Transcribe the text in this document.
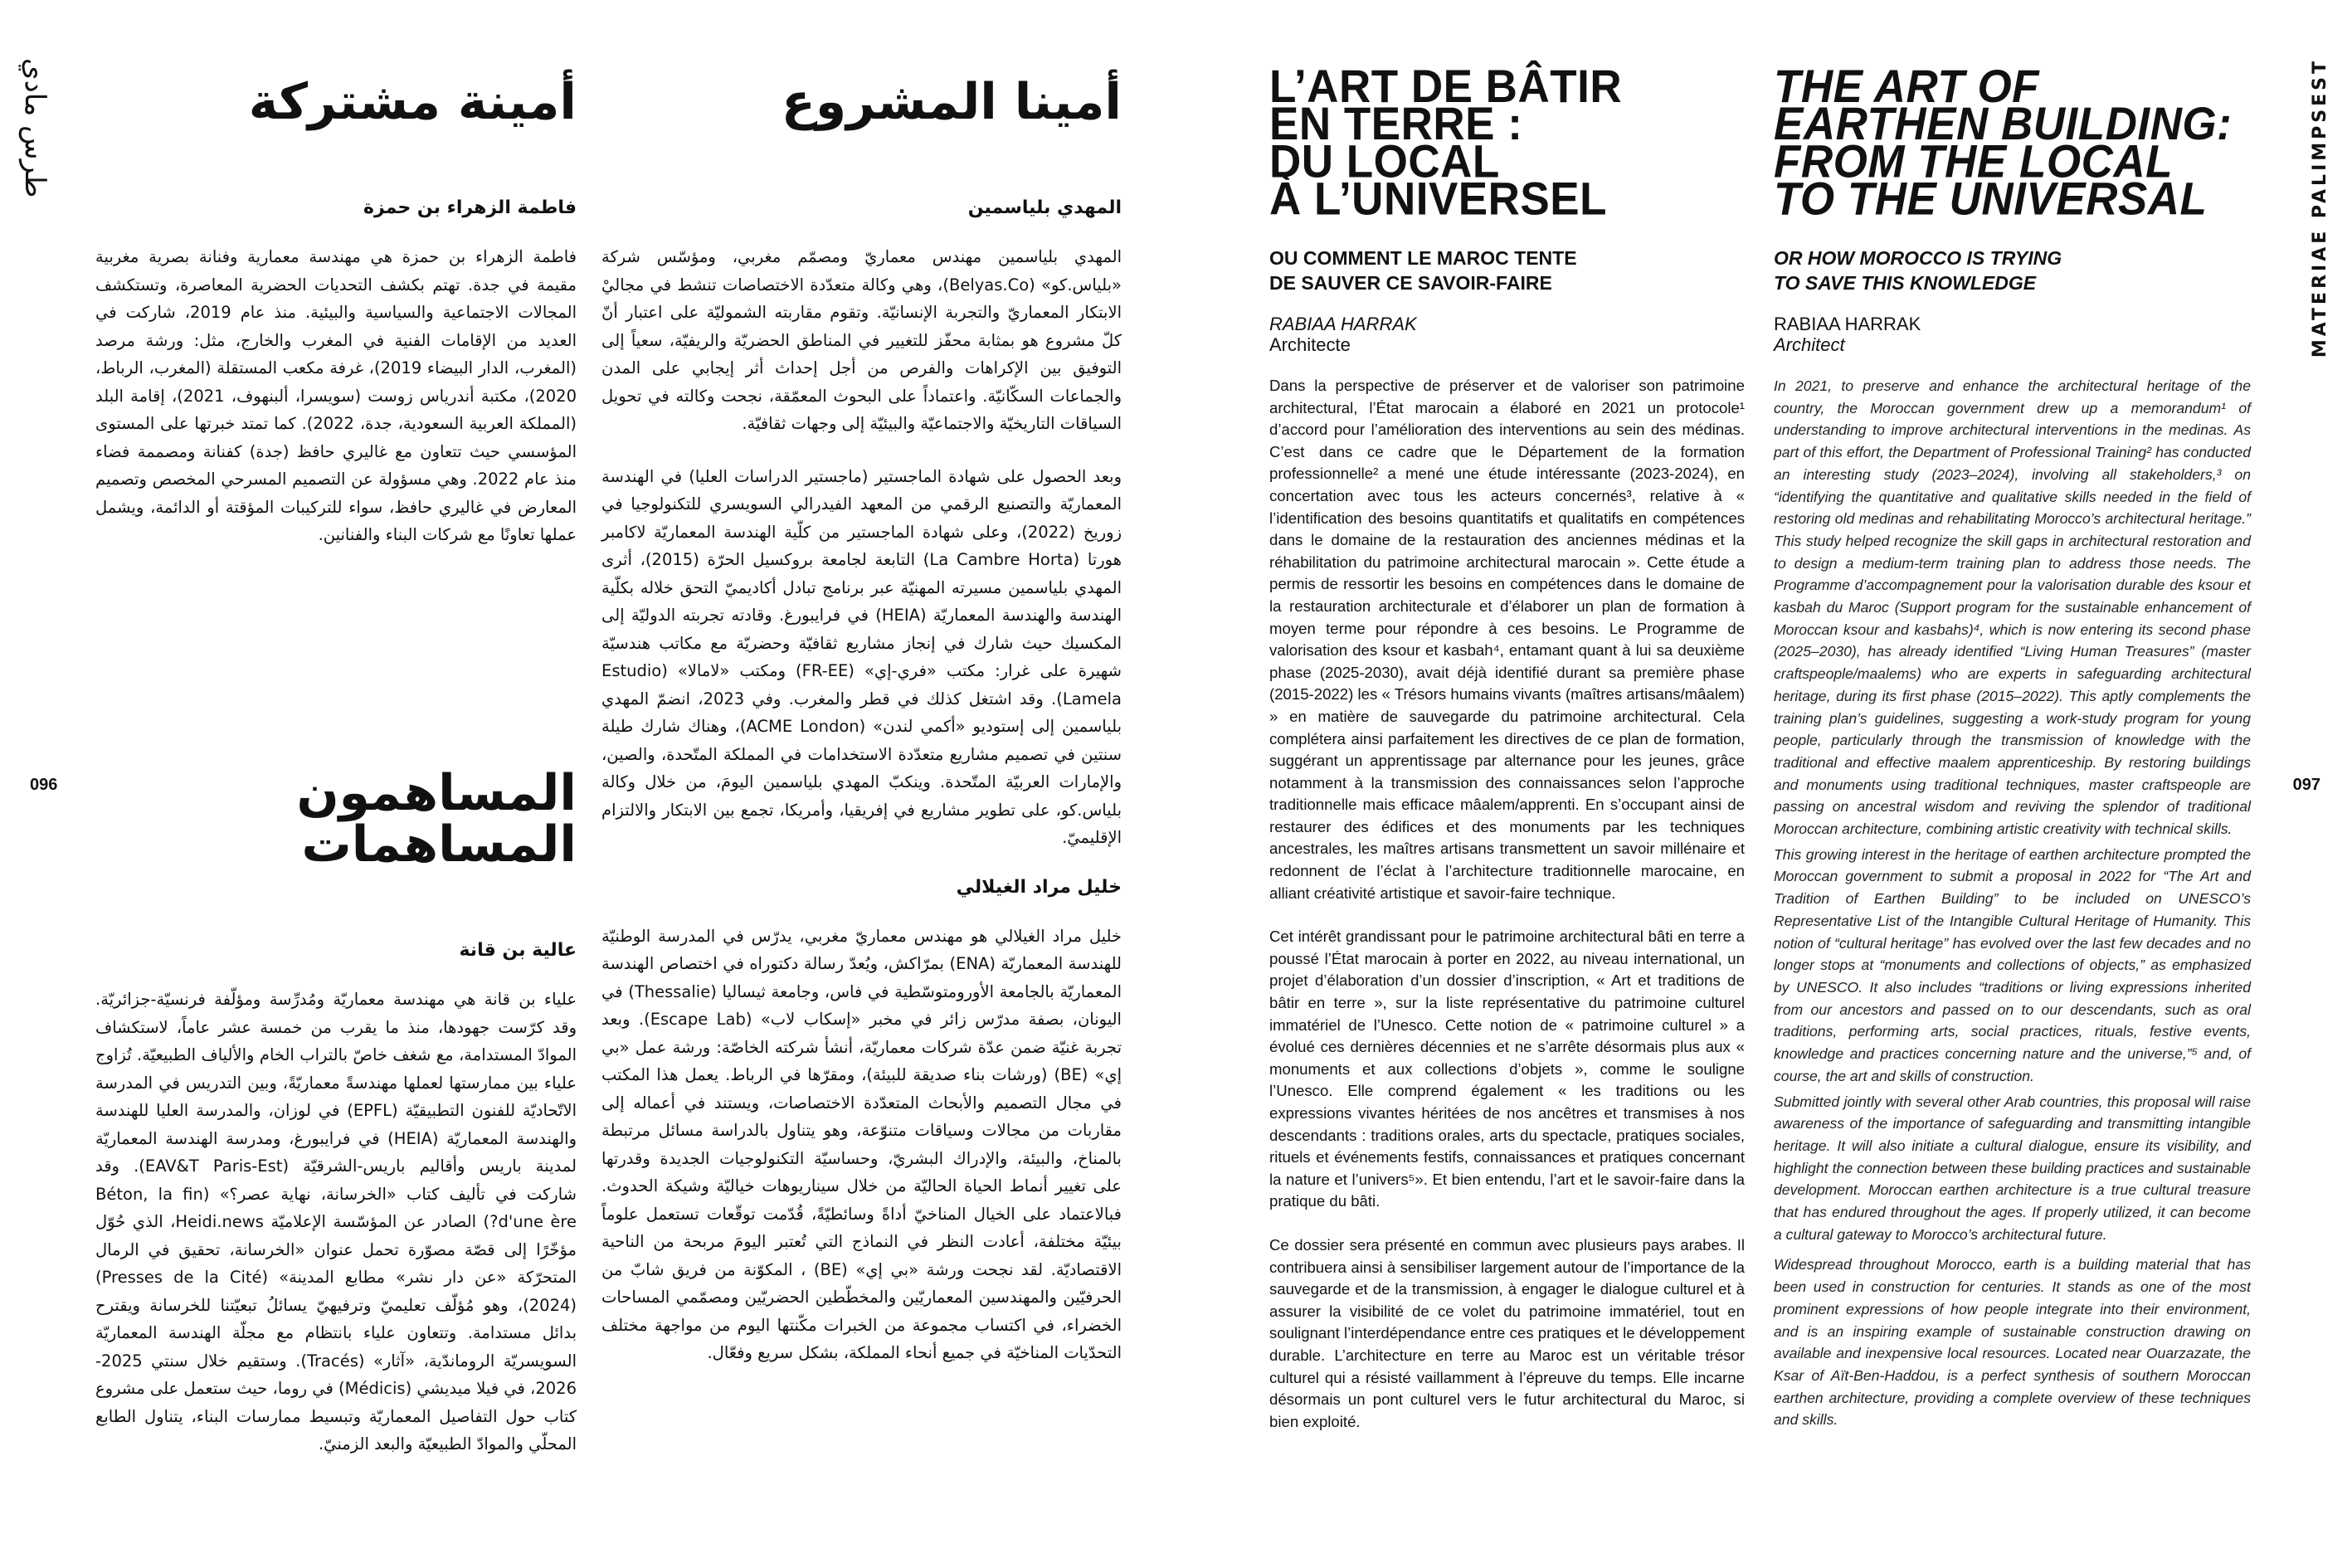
طرس مادي
096
أمينا المشروع
المهدي بلياسمين

المهدي بلياسمين مهندس معماريّ ومصمّم مغربي، ومؤسّس شركة «بلياس.كو» (Belyas.Co)، وهي وكالة متعدّدة الاختصاصات تنشط في مجاليْ الابتكار المعماريّ والتجربة الإنسانيّة. وتقوم مقاربته الشموليّة على اعتبار أنّ كلّ مشروع هو بمثابة محفّز للتغيير في المناطق الحضريّة والريفيّة، سعياً إلى التوفيق بين الإكراهات والفرص من أجل إحداث أثر إيجابي على المدن والجماعات السكّانيّة. واعتماداً على البحوث المعمّقة، نجحت وكالته في تحويل السياقات التاريخيّة والاجتماعيّة والبيئيّة إلى وجهات ثقافيّة.

وبعد الحصول على شهادة الماجستير (ماجستير الدراسات العليا) في الهندسة المعماريّة والتصنيع الرقمي من المعهد الفيدرالي السويسري للتكنولوجيا في زوريخ (2022)، وعلى شهادة الماجستير من كلّية الهندسة المعماريّة لاكامبر هورتا (La Cambre Horta) التابعة لجامعة بروكسيل الحرّة (2015)، أثرى المهدي بلياسمين مسيرته المهنيّة عبر برنامج تبادل أكاديميّ التحق خلاله بكلّية الهندسة والهندسة المعماريّة (HEIA) في فرايبورغ. وقادته تجربته الدوليّة إلى المكسيك حيث شارك في إنجاز مشاريع ثقافيّة وحضريّة مع مكاتب هندسيّة شهيرة على غرار: مكتب «فري-إي» (FR-EE) ومكتب «لامالا» (Estudio Lamela). وقد اشتغل كذلك في قطر والمغرب. وفي 2023، انضمّ المهدي بلياسمين إلى إستوديو «أكمي لندن» (ACME London)، وهناك شارك طيلة سنتين في تصميم مشاريع متعدّدة الاستخدامات في المملكة المتّحدة، والصين، والإمارات العربيّة المتّحدة. وينكبّ المهدي بلياسمين اليومَ، من خلال وكالة بلياس.كو، على تطوير مشاريع في إفريقيا، وأمريكا، تجمع بين الابتكار والالتزام الإقليميّ.

خليل مراد الغيلالي

خليل مراد الغيلالي هو مهندس معماريّ مغربي، يدرّس في المدرسة الوطنيّة للهندسة المعماريّة (ENA) بمرّاكش، ويُعدّ رسالة دكتوراه في اختصاص الهندسة المعماريّة بالجامعة الأورومتوسّطية في فاس، وجامعة ثيساليا (Thessalie) في اليونان، بصفة مدرّس زائر في مخبر «إسكاب لاب» (Escape Lab). وبعد تجربة غنيّة ضمن عدّة شركات معماريّة، أنشأ شركته الخاصّة: ورشة عمل «بي إي» (BE) (ورشات بناء صديقة للبيئة)، ومقرّها في الرباط. يعمل هذا المكتب في مجال التصميم والأبحاث المتعدّدة الاختصاصات، ويستند في أعماله إلى مقاربات من مجالات وسياقات متنوّعة، وهو يتناول بالدراسة مسائل مرتبطة بالمناخ، والبيئة، والإدراك البشريّ، وحساسيّة التكنولوجيات الجديدة وقدرتها على تغيير أنماط الحياة الحاليّة من خلال سيناريوهات خياليّة وشيكة الحدوث. فبالاعتماد على الخيال المناخيّ أداةً وسائطيّةً، قُدّمت توقّعات تستعمل علوماً بيئيّة مختلفة، أعادت النظر في النماذج التي تُعتبر اليومَ مربحة من الناحية الاقتصاديّة. لقد نجحت ورشة «بي إي» (BE) ، المكوّنة من فريق شابّ من الحرفيّين والمهندسين المعماريّين والمخطّطين الحضريّين ومصمّمي المساحات الخضراء، في اكتساب مجموعة من الخبرات مكّنتها اليوم من مواجهة مختلف التحدّيات المناخيّة في جميع أنحاء المملكة، بشكل سريع وفعّال.

أمينة مشتركة
فاطمة الزهراء بن حمزة

فاطمة الزهراء بن حمزة هي مهندسة معمارية وفنانة بصرية مغربية مقيمة في جدة. تهتم بكشف التحديات الحضرية المعاصرة، وتستكشف المجالات الاجتماعية والسياسية والبيئية. منذ عام 2019، شاركت في العديد من الإقامات الفنية في المغرب والخارج، مثل: ورشة مرصد (المغرب، الدار البيضاء 2019)، غرفة مكعب المستقلة (المغرب، الرباط، 2020)، مكتبة أندرياس زوست (سويسرا، ألبنهوف، 2021)، إقامة البلد (المملكة العربية السعودية، جدة، 2022). كما تمتد خبرتها على المستوى المؤسسي حيث تتعاون مع غاليري حافظ (جدة) كفنانة ومصممة فضاء منذ عام 2022. وهي مسؤولة عن التصميم المسرحي المخصص وتصميم المعارض في غاليري حافظ، سواء للتركيبات المؤقتة أو الدائمة، ويشمل عملها تعاونًا مع شركات البناء والفنانين.

المساهمون
المساهمات
عالية بن قانة

علياء بن قانة هي مهندسة معماريّة ومُدرِّسة ومؤلّفة فرنسيّة-جزائريّة. وقد كرّست جهودها، منذ ما يقرب من خمسة عشر عاماً، لاستكشاف الموادّ المستدامة، مع شغف خاصّ بالتراب الخام والألياف الطبيعيّة. تُزاوج علياء بين ممارستها لعملها مهندسةً معماريّةً، وبين التدريس في المدرسة الاتّحاديّة للفنون التطبيقيّة (EPFL) في لوزان، والمدرسة العليا للهندسة والهندسة المعماريّة (HEIA) في فرايبورغ، ومدرسة الهندسة المعماريّة لمدينة باريس وأقاليم باريس-الشرقيّة (EAV&T Paris-Est). وقد شاركت في تأليف كتاب «الخرسانة، نهاية عصر؟» (Béton, la fin d'une ère?) الصادر عن المؤسّسة الإعلاميّة Heidi.news، الذي حُوّل مؤخّرًا إلى قصّة مصوّرة تحمل عنوان «الخرسانة، تحقيق في الرمال المتحرّكة «عن دار نشر» مطابع المدينة» (Presses de la Cité) (2024)، وهو مُؤلّف تعليميّ وترفيهيّ يسائلُ تبعيّتنا للخرسانة ويقترح بدائل مستدامة. وتتعاون علياء بانتظام مع مجلّة الهندسة المعماريّة السويسريّة الروماندّية، «آثار» (Tracés). وستقيم خلال سنتي 2025-2026، في فيلا ميديشي (Médicis) في روما، حيث ستعمل على مشروع كتاب حول التفاصيل المعماريّة وتبسيط ممارسات البناء، يتناول الطابع المحلّي والموادّ الطبيعيّة والبعد الزمنيّ.

MATERIAE PALIMPSEST
097
L’ART DE BÂTIR
EN TERRE :
DU LOCAL
À L’UNIVERSEL
OU COMMENT LE MAROC TENTE
DE SAUVER CE SAVOIR-FAIRE

RABIAA HARRAK

Architecte

Dans la perspective de préserver et de valoriser son patrimoine architectural, l’État marocain a élaboré en 2021 un protocole¹ d’accord pour l’amélioration des interventions au sein des médinas. C’est dans ce cadre que le Département de la formation professionnelle² a mené une étude intéressante (2023-2024), en concertation avec tous les acteurs concernés³, relative à « l’identification des besoins quantitatifs et qualitatifs en compétences dans le domaine de la restauration des anciennes médinas et la réhabilitation du patrimoine architectural marocain ». Cette étude a permis de ressortir les besoins en compétences dans le domaine de la restauration architecturale et d’élaborer un plan de formation à moyen terme pour répondre à ces besoins. Le Programme de valorisation des ksour et kasbah⁴, entamant quant à lui sa deuxième phase (2025-2030), avait déjà identifié durant sa première phase (2015-2022) les « Trésors humains vivants (maîtres artisans/mâalem) » en matière de sauvegarde du patrimoine architectural. Cela complétera ainsi parfaitement les directives de ce plan de formation, suggérant un apprentissage par alternance pour les jeunes, grâce notamment à la transmission des connaissances selon l’approche traditionnelle mais efficace mâalem/apprenti. En s’occupant ainsi de restaurer des édifices et des monuments par les techniques ancestrales, les maîtres artisans transmettent un savoir millénaire et redonnent de l’éclat à l’architecture traditionnelle marocaine, en alliant créativité artistique et savoir-faire technique.

Cet intérêt grandissant pour le patrimoine architectural bâti en terre a poussé l’État marocain à porter en 2022, au niveau international, un projet d’élaboration d’un dossier d’inscription, « Art et traditions de bâtir en terre », sur la liste représentative du patrimoine culturel immatériel de l’Unesco. Cette notion de « patrimoine culturel » a évolué ces dernières décennies et ne s’arrête désormais plus aux « monuments et aux collections d’objets », comme le souligne l’Unesco. Elle comprend également « les traditions ou les expressions vivantes héritées de nos ancêtres et transmises à nos descendants : traditions orales, arts du spectacle, pratiques sociales, rituels et événements festifs, connaissances et pratiques concernant la nature et l’univers⁵». Et bien entendu, l’art et le savoir-faire dans la pratique du bâti.

Ce dossier sera présenté en commun avec plusieurs pays arabes. Il contribuera ainsi à sensibiliser largement autour de l’importance de la sauvegarde et de la transmission, à engager le dialogue culturel et à assurer la visibilité de ce volet du patrimoine immatériel, tout en soulignant l’interdépendance entre ces pratiques et le développement durable. L’architecture en terre au Maroc est un véritable trésor culturel qui a résisté vaillamment à l’épreuve du temps. Elle incarne désormais un pont culturel vers le futur architectural du Maroc, si bien exploité.

THE ART OF
EARTHEN BUILDING:
FROM THE LOCAL
TO THE UNIVERSAL
OR HOW MOROCCO IS TRYING
TO SAVE THIS KNOWLEDGE

RABIAA HARRAK

Architect

In 2021, to preserve and enhance the architectural heritage of the country, the Moroccan government drew up a memorandum¹ of understanding to improve architectural interventions in the medinas. As part of this effort, the Department of Professional Training² has conducted an interesting study (2023–2024), involving all stakeholders,³ on “identifying the quantitative and qualitative skills needed in the field of restoring old medinas and rehabilitating Morocco’s architectural heritage.” This study helped recognize the skill gaps in architectural restoration and to design a medium-term training plan to address those needs. The Programme d’accompagnement pour la valorisation durable des ksour et kasbah du Maroc (Support program for the sustainable enhancement of Moroccan ksour and kasbahs)⁴, which is now entering its second phase (2025–2030), has already identified “Living Human Treasures” (master craftspeople/maalems) who are experts in safeguarding architectural heritage, during its first phase (2015–2022). This aptly complements the training plan’s guidelines, suggesting a work-study program for young people, particularly through the transmission of knowledge with the traditional and effective maalem apprenticeship. By restoring buildings and monuments using traditional techniques, master craftspeople are passing on ancestral wisdom and reviving the splendor of traditional Moroccan architecture, combining artistic creativity with technical skills.

This growing interest in the heritage of earthen architecture prompted the Moroccan government to submit a proposal in 2022 for “The Art and Tradition of Earthen Building” to be included on UNESCO’s Representative List of the Intangible Cultural Heritage of Humanity. This notion of “cultural heritage” has evolved over the last few decades and no longer stops at “monuments and collections of objects,” as emphasized by UNESCO. It also includes “traditions or living expressions inherited from our ancestors and passed on to our descendants, such as oral traditions, performing arts, social practices, rituals, festive events, knowledge and practices concerning nature and the universe,”⁵ and, of course, the art and skills of construction.

Submitted jointly with several other Arab countries, this proposal will raise awareness of the importance of safeguarding and transmitting intangible heritage. It will also initiate a cultural dialogue, ensure its visibility, and highlight the connection between these building practices and sustainable development. Moroccan earthen architecture is a true cultural treasure that has endured throughout the ages. If properly utilized, it can become a cultural gateway to Morocco’s architectural future.

Widespread throughout Morocco, earth is a building material that has been used in construction for centuries. It stands as one of the most prominent expressions of how people integrate into their environment, and is an inspiring example of sustainable construction drawing on available and inexpensive local resources. Located near Ouarzazate, the Ksar of Aït-Ben-Haddou, is a perfect synthesis of southern Moroccan earthen architecture, providing a complete overview of these techniques and skills.
